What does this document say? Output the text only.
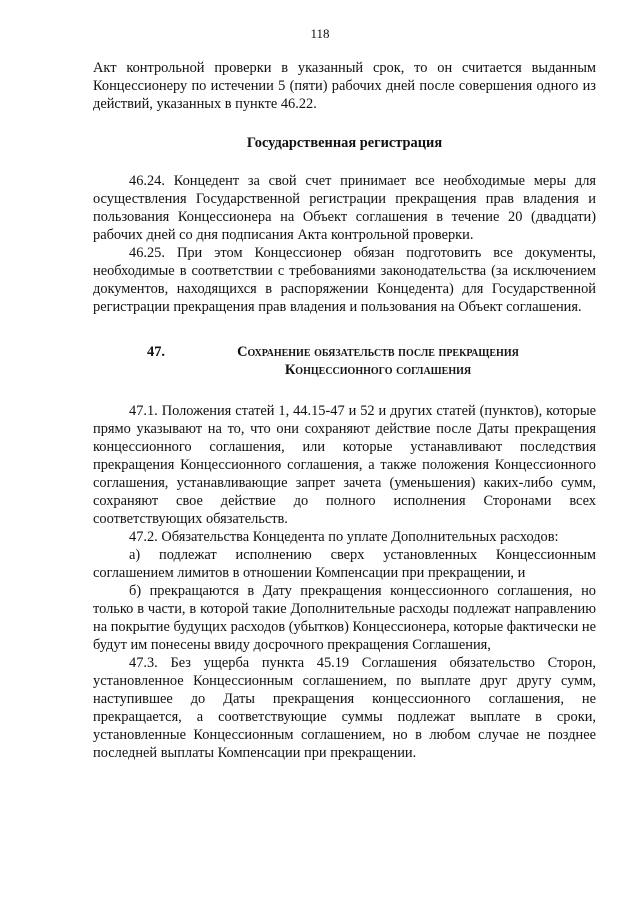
118

Акт контрольной проверки в указанный срок, то он считается выданным Концессионеру по истечении 5 (пяти) рабочих дней после совершения одного из действий, указанных в пункте 46.22.

Государственная регистрация

46.24. Концедент за свой счет принимает все необходимые меры для осуществления Государственной регистрации прекращения прав владения и пользования Концессионера на Объект соглашения в течение 20 (двадцати) рабочих дней со дня подписания Акта контрольной проверки.

46.25. При этом Концессионер обязан подготовить все документы, необходимые в соответствии с требованиями законодательства (за исключением документов, находящихся в распоряжении Концедента) для Государственной регистрации прекращения прав владения и пользования на Объект соглашения.

47.	Сохранение обязательств после прекращения
Концессионного соглашения

47.1. Положения статей 1, 44.15-47 и 52 и других статей (пунктов), которые прямо указывают на то, что они сохраняют действие после Даты прекращения концессионного соглашения, или которые устанавливают последствия прекращения Концессионного соглашения, а также положения Концессионного соглашения, устанавливающие запрет зачета (уменьшения) каких-либо сумм, сохраняют свое действие до полного исполнения Сторонами всех соответствующих обязательств.

47.2. Обязательства Концедента по уплате Дополнительных расходов:

а) подлежат исполнению сверх установленных Концессионным соглашением лимитов в отношении Компенсации при прекращении, и

б) прекращаются в Дату прекращения концессионного соглашения, но только в части, в которой такие Дополнительные расходы подлежат направлению на покрытие будущих расходов (убытков) Концессионера, которые фактически не будут им понесены ввиду досрочного прекращения Соглашения,

47.3. Без ущерба пункта 45.19 Соглашения обязательство Сторон, установленное Концессионным соглашением, по выплате друг другу сумм, наступившее до Даты прекращения концессионного соглашения, не прекращается, а соответствующие суммы подлежат выплате в сроки, установленные Концессионным соглашением, но в любом случае не позднее последней выплаты Компенсации при прекращении.
